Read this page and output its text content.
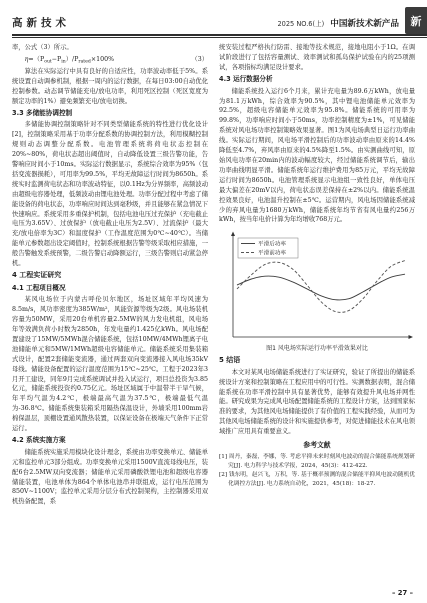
高新技术	2025 NO.6(上) 中国新技术新产品	新

率，公式（3）所示。

$\eta=(P_{out}-P_{in})/P_{rated}\times 100\%$	（3）

算法在实际运行中具有良好的自适应性，功率波动率低于5%。系统设置自动调参机制，根据一周内的运行数据，在每日03:00自动优化控制参数。动态调节储能充电/放电功率，利用死区控制（死区宽度为额定功率的1%）避免频繁充电/放电切换。

3.3 多储能协调控制

多储能协调控制策略针对不同类型储能系统的特性进行优化设计[2]，控制策略采用基于功率分配系数的协调控制方法，利用模糊控制规则动态调整分配系数。电池管理系统将荷电状态控制在20%~80%，荷电状态超出阈值时，自动降低设置三级告警功能，告警响应时间小于10ms。实际运行数据显示，系统综合效率为95%（包括变流器损耗），可用率为99.5%，平均无故障运行时间为8650h。系统实时监测荷电状态和功率波动特征，以0.1Hz为分界频率，高频波动由超级电容器处理，低频波动由锂电池处理。功率分配过程中考虑了储能设备的荷电状态，功率响应时间达到毫秒级，并且能够在紧急情况下快速响应。系统采用多重保护机制，包括电池电压过充保护（充电截止电压为3.65V）、过放保护（放电截止电压为2.5V）、过流保护（最大充/放电倍率为3C）和温度保护（工作温度范围为0℃~40℃）。当储能单元参数超出设定阈值时，控制系统根据告警等级采取相应措施，一般告警触发系统预警，二级告警启动降额运行，三级告警则启动紧急停机。

4 工程实证研究
4.1 工程项目概况

某风电场位于内蒙古呼伦贝尔地区，场址区域年平均风速为8.5m/s，风功率密度为385W/m²，风能资源等级为2级。风电场装机容量为50MW，采用20台单机容量2.5MW的风力发电机组，风电场年等效满负荷小时数为2850h，年发电量约1.425亿kWh。风电场配置建设了15MW/5MWh混合储能系统，包括10MW/4MWh锂离子电池储能单元和5MW/1MWh超级电容储能单元。储能系统采用集装箱式设计，配置2套储能变流器，通过两套双向变流器接入风电场35kV母线。储能设备配置的运行温度范围为15℃~25℃。工程于2023年3月开工建设，同年9月完成系统调试并投入试运行，项目总投资为3.85亿元，储能系统投资约0.75亿元。场址区域属于中温带半干旱气候，年平均气温为4.2℃，极端最高气温为37.5℃，极端最低气温为-36.8℃。储能系统集装箱采用隔热保温设计，外墙采用100mm岩棉保温层，顶棚设置通风散热装置，以保证设备在极端天气条件下正常运行。

4.2 系统实施方案

储能系统实施采用模块化设计理念，系统由功率变换单元、储能单元和监控单元3部分组成。功率变换单元采用1500V直流母线电压，装配6台2.5MW双向变流器；储能单元采用磷酸铁锂电池和超级电容器储能装置，电池单体为864个单体电池串并联组成，运行电压范围为850V~1100V；监控单元采用分层分布式控制架构，主控制器采用双机热备配置，系

统安装过程严格执行防雷、接地等技术规范，接地电阻小于1Ω。在调试阶段进行了包括容量测试、效率测试和孤岛保护试验在内的25项测试，各项指标均满足设计要求。

4.3 运行数据分析

储能系统投入运行6个月来，累计充电量为89.6万kWh，放电量为81.1万kWh，综合效率为90.5%，其中锂电池储能单元效率为92.5%，超级电容储能单元效率为95.8%。储能系统的可用率为99.8%，功率响应时间小于50ms，功率控制精度为±1%，可见储能系统对风电场功率控制策略效果显著。图1为风电场典型日运行功率曲线。实际运行期间，风电场平滑控制后的功率波动率由原来的14.4%降低至4.7%，弃风率由原来的4.5%降至1.5%。由实测曲线可知，原始风电功率在20min内的波动幅度较大，经过储能系统调节后，输出功率曲线明显平滑。储能系统年运行维护费用为85万元，平均无故障运行时间为8650h。电池管理系统显示电池组一致性良好，单体电压最大偏差在20mV以内，荷电状态误差保持在±2%以内。储能系统温控效果良好，电池温升控制在±5℃。运营期内，风电场因储能系统减少的弃风电量为1680万kWh，储能系统年均节省有风电量约256万kWh，按当年电价计算为年均增收768万元。

平滑后功率
平滑前功率
图1 风电场实际运行功率平滑效果对比
5 结语

本文对某风电场储能系统进行了实证研究，验证了所提出的储能系统设计方案和控制策略在工程应用中的可行性。实测数据表明，混合储能系统在功率平滑控制中具有显著优势，能够有效提升风电场并网性能。研究成果为完成风电场配置储能系统的工程设计方案，达到国家标准的要求，为其他风电场储能提供了有价值的工程实践经验，从而可为其他风电场储能系统的设计和实施提供参考，对促进储能技术在风电领域推广应用具有重要意义。

参考文献

[1] 周丹，秦磊，李娜，等. 考虑平抑未来时刻风电波动的混合储能系统规划研究[J]. 电力科学与技术学报，2024，45(3)：412-422.

[2] 钱东明，赵兴飞，万积，等. 基于概率预测的混合储能平抑风电波动随机优化调控方法[J]. 电力系统自动化，2021，45(18)：18-27.

– 27 –
